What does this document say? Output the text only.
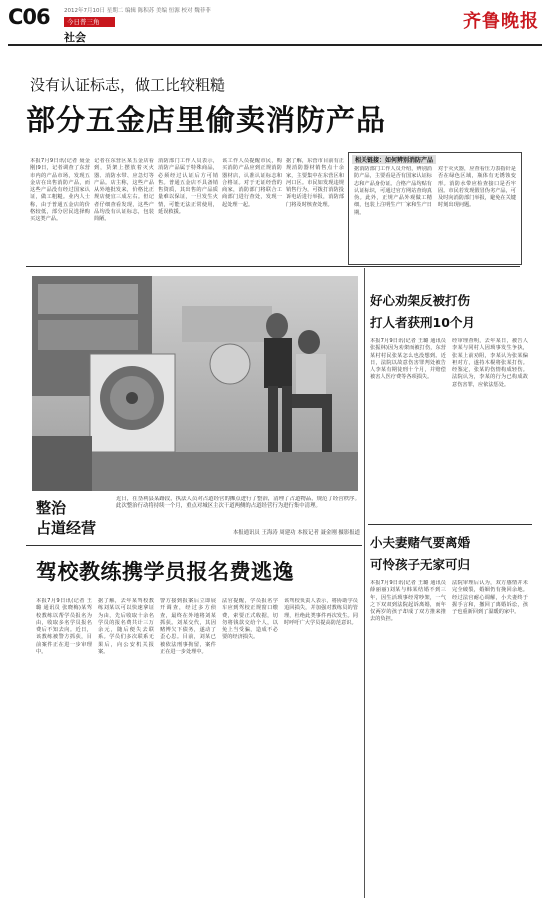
C06	2012年7月10日 星期二 编辑 陈积苏 美编 恒源 校对 魏菲菲
今日普三角
社会
齐鲁晚报
没有认证标志，做工比较粗糙
部分五金店里偷卖消防产品
本报7月9日讯(记者 聂金刚)9日，记者调查了东营市内的产品市场，发现五金店在出售消防产品，而这些产品没有经过国家认证，做工粗糙。业内人士称，由于普通五金店的价格较低，部分居民选择购买这类产品。
记者在东营区某五金店看到，货架上摆放着灭火器、消防水带、应急灯等产品。店主称，这些产品从外地批发来，价格比正规店便宜三成左右。但记者仔细查看发现，这些产品均没有认证标志，包装简陋。
消防部门工作人员表示，消防产品属于特殊商品，必须经过认证后方可销售。普通五金店不具备销售资质，其出售的产品质量难以保证，一旦发生火情，可能无法正常使用，延误救援。
该工作人员提醒市民，购买消防产品应到正规消防器材店，认准认证标志和合格证。对于无证经营的商家，消防部门将联合工商部门进行查处，发现一起处理一起。
据了解，东营市目前有正规消防器材销售点十余家，主要集中在东营区和河口区。市民如发现违规销售行为，可拨打消防投诉电话进行举报，消防部门将及时核查处理。
相关链接：如何辨别消防产品
据消防部门工作人员介绍，辨别消防产品，主要看是否有国家认证标志和产品身份证。合格产品均贴有认证标识，可通过官方网站查询真伪。此外，正规产品外观做工精细，包装上注明生产厂家和生产日期。
对于灭火器，应查看压力表指针是否在绿色区域，瓶体有无锈蚀变形。消防水带应检查接口是否牢固。市民若发现假冒伪劣产品，可及时向消防部门举报，避免在关键时刻出现问题。
整治
占道经营
近日，在垦利县某路段，执法人员对占道经营的摊点进行了整治，清理了占道物品，规范了经营秩序。此次整治行动将持续一个月，重点对城区主次干道两侧的占道经营行为进行集中清理。
本报通讯员 王海涛 周建功 本报记者 聂金刚 摄影报道
好心劝架反被打伤
打人者获刑10个月
本报7月9日讯(记者 王璐 通讯员 张振林)因为劝架而被打伤，东营某村村民张某怎么也没想到。近日，法院以故意伤害罪判处被告人李某有期徒刑十个月，并赔偿被害人医疗费等各项损失。
经审理查明，去年某日，被告人李某与同村人因琐事发生争执，张某上前劝阻，李某认为张某偏袒对方，遂持木棍将张某打伤。经鉴定，张某的伤情构成轻伤。法院认为，李某的行为已构成故意伤害罪，应依法惩处。
小夫妻赌气要离婚
可怜孩子无家可归
本报7月9日讯(记者 王璐 通讯员 薛丽丽)刘某与韩某结婚不到三年，因生活琐事经常吵架，一气之下双双到法院起诉离婚，而年仅两岁的孩子却成了双方推来推去的负担。
法院审理后认为，双方感情并未完全破裂，婚姻仍有挽回余地。经过法官耐心调解，小夫妻终于握手言和，撤回了离婚诉讼，孩子也重新回到了温暖的家中。
驾校教练携学员报名费逃逸
本报7月9日讯(记者 王璐 通讯员 张晓梅)某驾校教练以帮学员报名为由，收取多名学员报名费后不知去向。近日，该教练被警方抓获，目前案件正在进一步审理中。
据了解，去年某驾校教练刘某以可以快速拿证为由，先后收取十余名学员的报名费共计三万余元，随后便失去联系。学员们多次联系无果后，向公安机关报案。
警方接到报案后立即展开调查，经过多方侦查，最终在外地将刘某抓获。刘某交代，其因赌博欠下债务，遂动了歪心思。目前，刘某已被依法刑事拘留，案件正在进一步处理中。
法官提醒，学员报名学车应到驾校正规窗口缴费，索要正式收据，切勿将钱款交给个人，以免上当受骗，造成不必要的经济损失。
该驾校负责人表示，将协助学员追回损失，并加强对教练员的管理，杜绝此类事件再次发生。同时呼吁广大学员提高防范意识。
